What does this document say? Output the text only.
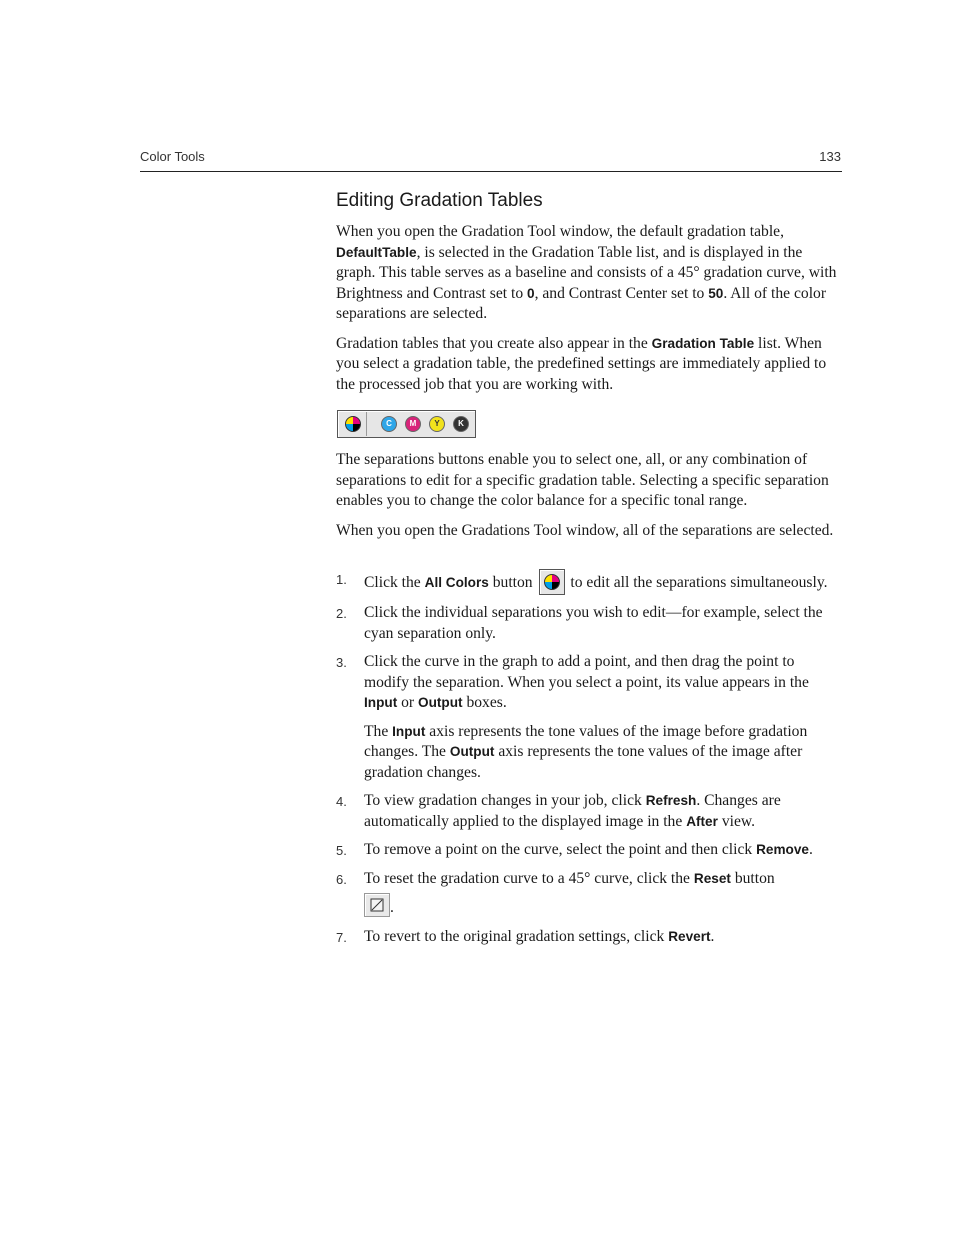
Color Tools	133
Editing Gradation Tables

When you open the Gradation Tool window, the default gradation table, DefaultTable, is selected in the Gradation Table list, and is displayed in the graph. This table serves as a baseline and consists of a 45° gradation curve, with Brightness and Contrast set to 0, and Contrast Center set to 50. All of the color separations are selected.

Gradation tables that you create also appear in the Gradation Table list. When you select a gradation table, the predefined settings are immediately applied to the processed job that you are working with.

C	M	Y	K

The separations buttons enable you to select one, all, or any combination of separations to edit for a specific gradation table. Selecting a specific separation enables you to change the color balance for a specific tonal range.

When you open the Gradations Tool window, all of the separations are selected.

1. Click the All Colors button
to edit all the separations simultaneously.

2. Click the individual separations you wish to edit—for example, select the cyan separation only.

3. Click the curve in the graph to add a point, and then drag the point to modify the separation. When you select a point, its value appears in the Input or Output boxes.

The Input axis represents the tone values of the image before gradation changes. The Output axis represents the tone values of the image after gradation changes.

4. To view gradation changes in your job, click Refresh. Changes are automatically applied to the displayed image in the After view.

5. To remove a point on the curve, select the point and then click Remove.

6. To reset the gradation curve to a 45° curve, click the Reset button

.

7. To revert to the original gradation settings, click Revert.
